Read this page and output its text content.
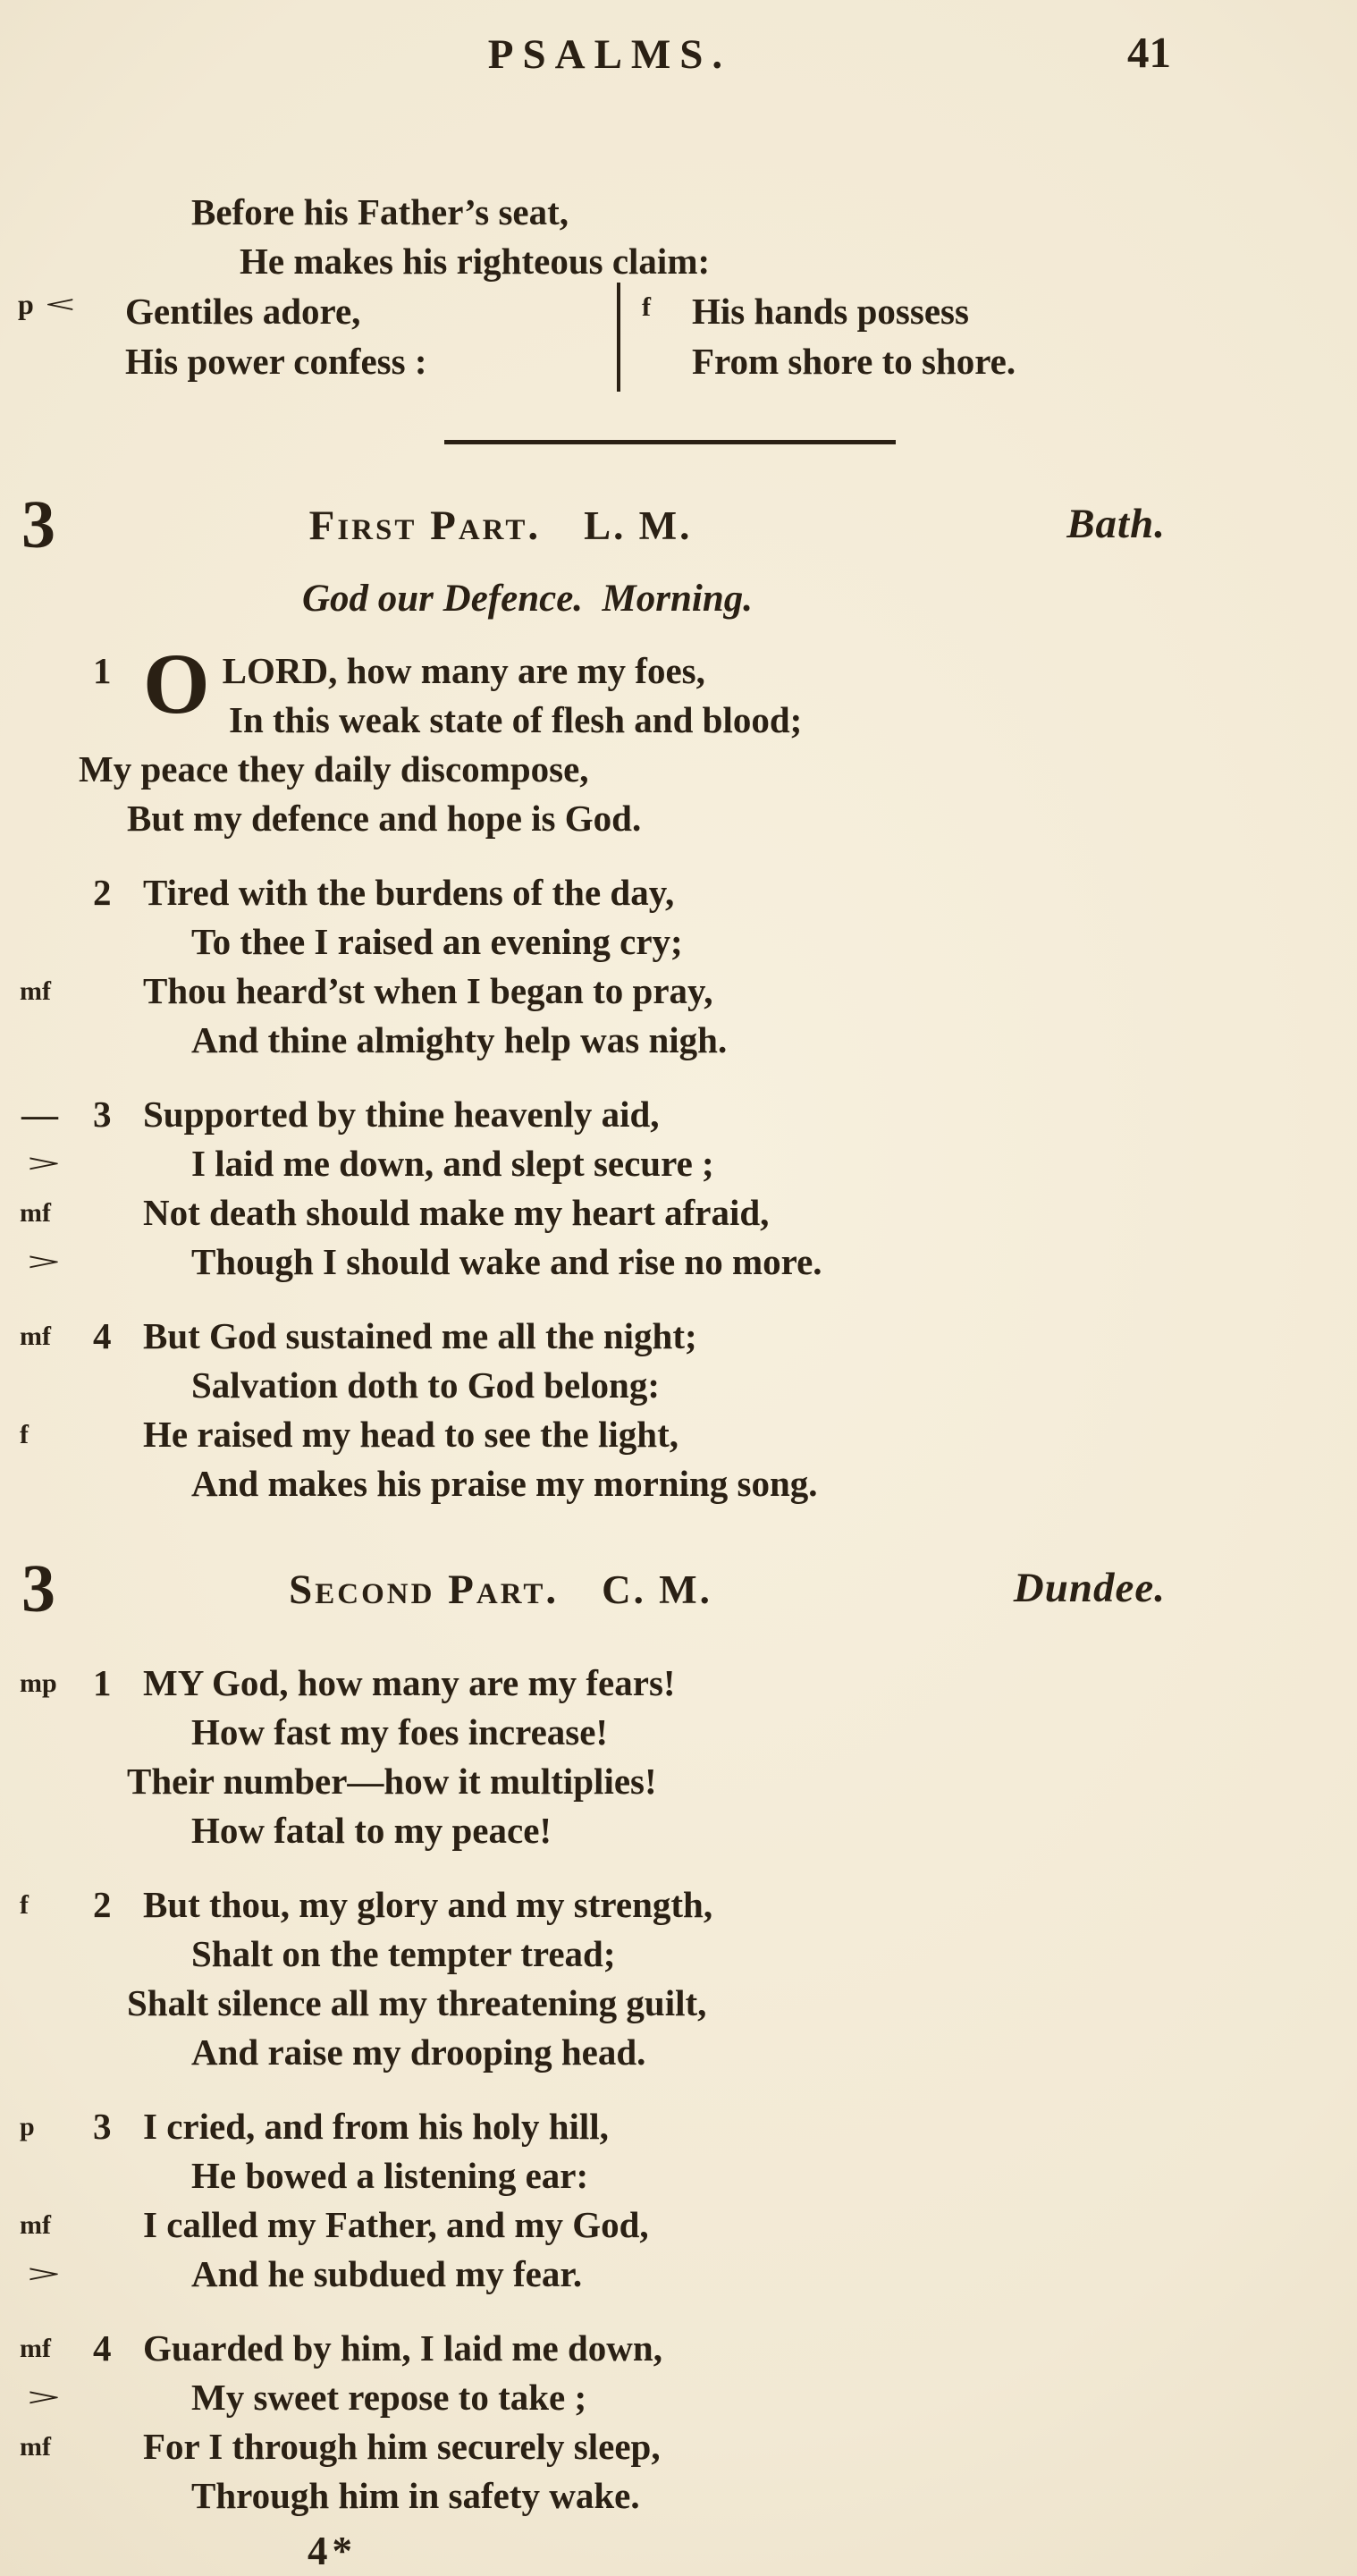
PSALMS.	41
Before his Father’s seat,
He makes his righteous claim:
p < Gentiles adore,
His power confess :
f His hands possess
From shore to shore.
3	First Part. L. M.	Bath.
God our Defence.  Morning.
1 OLORD, how many are my foes,
In this weak state of flesh and blood;
My peace they daily discompose,
But my defence and hope is God.
2 Tired with the burdens of the day,
To thee I raised an evening cry;
mf	Thou heard’st when I began to pray,
And thine almighty help was nigh.
— 3 Supported by thine heavenly aid,
>	I laid me down, and slept secure ;
mf	Not death should make my heart afraid,
>	Though I should wake and rise no more.
mf 4 But God sustained me all the night;
Salvation doth to God belong:
f	He raised my head to see the light,
And makes his praise my morning song.
3	Second Part. C. M.	Dundee.
mp 1 MY God, how many are my fears!
How fast my foes increase!
Their number—how it multiplies!
How fatal to my peace!
f 2 But thou, my glory and my strength,
Shalt on the tempter tread;
Shalt silence all my threatening guilt,
And raise my drooping head.
p 3 I cried, and from his holy hill,
He bowed a listening ear:
mf	I called my Father, and my God,
>	And he subdued my fear.
mf 4 Guarded by him, I laid me down,
>	My sweet repose to take ;
mf	For I through him securely sleep,
Through him in safety wake.
4*
